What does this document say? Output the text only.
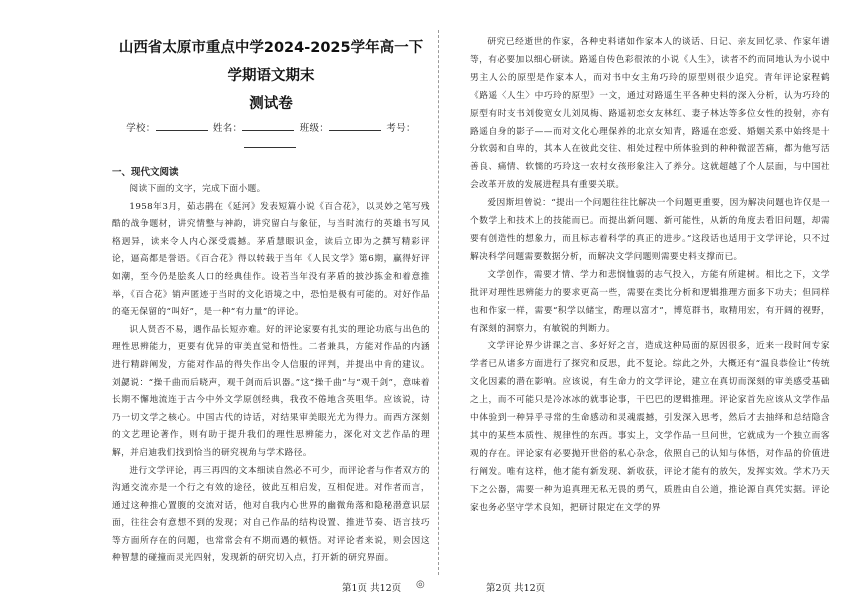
山西省太原市重点中学2024-2025学年高一下学期语文期末
测试卷
学校：	姓名：	班级：	考号：

一、现代文阅读

阅读下面的文字，完成下面小题。

1958年3月，茹志鹃在《延河》发表短篇小说《百合花》，以灵妙之笔写残酷的战争题材，讲究情整与神韵，讲究留白与象征，与当时流行的英雄书写风格迥异，读来令人内心深受震撼。茅盾慧眼识金，读后立即为之撰写精彩评论，逼高都是誉语。《百合花》得以转载于当年《人民文学》第6期，赢得好评如潮，至今仍是脍炙人口的经典佳作。设若当年没有茅盾的披沙拣金和着意推举，《百合花》销声匿迹于当时的文化语境之中，恐怕是极有可能的。对好作品的毫无保留的“叫好”，是一种“有力量”的评论。

识人贤否不易，遇作品长短亦难。好的评论家要有扎实的理论功底与出色的理性思辨能力，更要有优异的审美直觉和悟性。二者兼具，方能对作品的内涵进行精辟阐发，方能对作品的得失作出令人信服的评判，并提出中肯的建议。刘勰说：“操千曲而后晓声，观千剑而后识器。”这“操千曲”与“观千剑”，意味着长期不懈地流连于古今中外文学原创经典，我孜不倦地含英咀华。应该说，诗乃一切文学之核心。中国古代的诗话，对结果审美眼光尤为得力。而西方深刻的文艺理论著作，则有助于提升我们的理性思辨能力，深化对文艺作品的理解，并启迪我们找到恰当的研究视角与学术路径。

进行文学评论，再三再四的文本细读自然必不可少，而评论者与作者双方的沟通交流亦是一个行之有效的途径，彼此互相启发，互相促进。对作者而言，通过这种推心置腹的交流对话，他对自我内心世界的幽微角落和隐秘潜意识层面，往往会有意想不到的发现；对自己作品的结构设置、推进节奏、语言技巧等方面所存在的问题，也常常会有不期而遇的顿悟。对评论者来说，则会因这种智慧的碰撞而灵光四射，发现新的研究切入点，打开新的研究界面。

研究已经逝世的作家，各种史料诸如作家本人的谈话、日记、亲友回忆录、作家年谱等，有必要加以细心研读。路遥自传色彩很浓的小说《人生》，读者不约而同地认为小说中男主人公的原型是作家本人，而对书中女主角巧玲的原型则很少追究。青年评论家程鹤《路遥〈人生〉中巧玲的原型》一文，通过对路遥生平各种史料的深入分析，认为巧玲的原型有时支书刘俊宽女儿刘凤梅、路遥初恋女友林红、妻子林达等多位女性的投射，亦有路遥自身的影子——而对文化心理保养的北京女知青，路遥在恋爱、婚姻关系中始终是十分软弱和自卑的，其本人在彼此交往、相处过程中所体验到的种种微涩苦痛，都为他写活善良、痛情、软懦的巧玲这一农村女孩形象注入了养分。这就超越了个人层面，与中国社会改革开放的发展进程具有重要关联。

爱因斯坦曾说：“提出一个问题往往比解决一个问题更重要，因为解决问题也许仅是一个数学上和技术上的技能而已。而提出新问题、新可能性，从新的角度去看旧问题，却需要有创造性的想象力，而且标志着科学的真正的进步。”这段话也适用于文学评论，只不过解决科学问题需要数据分析，而解决文学问题则需要史料支撑而已。

文学创作，需要才情、学力和悲悯恤弱的志气投入，方能有所建树。相比之下，文学批评对理性思辨能力的要求更高一些，需要在类比分析和逻辑推理方面多下功夫；但同样也和作家一样，需要“积学以储宝，酌理以富才”，博览群书，取精用宏，有开阔的视野，有深刻的洞察力，有敏锐的判断力。

文学评论界少讲课之言、多好好之言，造成这种局面的原因很多，近来一段时间专家学者已从诸多方面进行了探究和反思，此不复论。综此之外，大概还有“温良恭俭让”传统文化因素的潜在影响。应该说，有生命力的文学评论，建立在真切而深刻的审美感受基础之上，而不可能只是冷冰冰的就事论事，干巴巴的逻辑推理。评论家首先应该从文学作品中体验到一种异乎寻常的生命感动和灵魂震撼，引发深入思考，然后才去抽绎和总结隐含其中的某些本质性、规律性的东西。事实上，文学作品一旦问世，它就成为一个独立而客观的存在。评论家有必要抛开世俗的私心杂念，依照自己的认知与体悟，对作品的价值进行阐发。唯有这样，他才能有新发现、新收获，评论才能有的放矢，发挥实效。学术乃天下之公器，需要一种为追真理无私无畏的勇气，质胜由自公道，推论源自真凭实据。评论家也务必坚守学术良知，把研讨限定在文学的界

第1页 共12页 ◎	第2页 共12页
